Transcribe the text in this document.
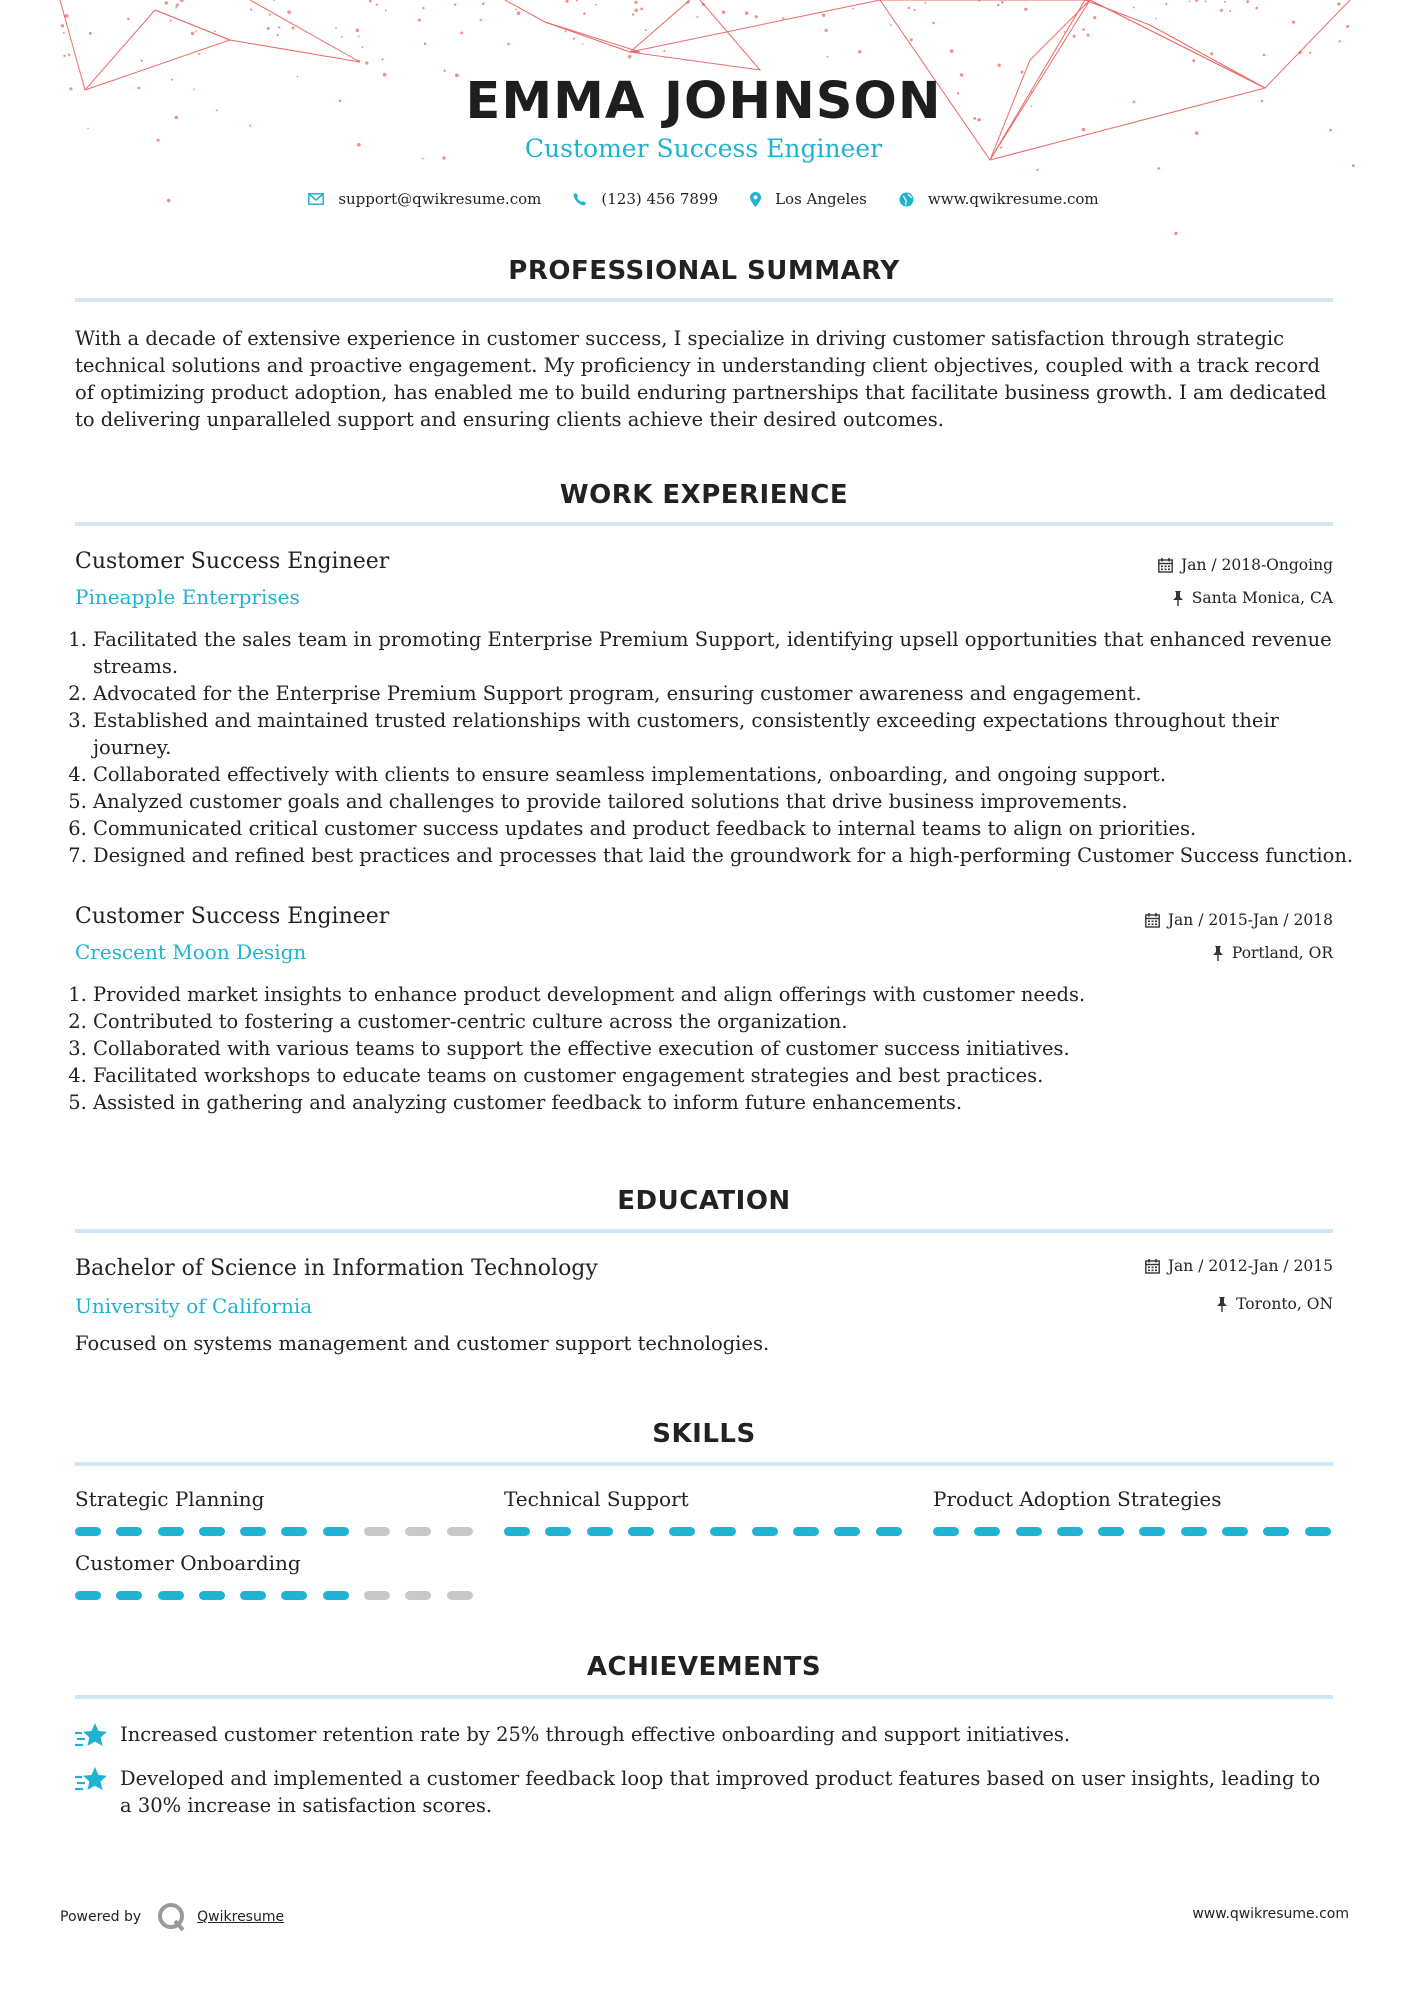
EMMA JOHNSON
Customer Success Engineer
support@qwikresume.com	(123) 456 7899	Los Angeles	www.qwikresume.com
PROFESSIONAL SUMMARY
With a decade of extensive experience in customer success, I specialize in driving customer satisfaction through strategic technical solutions and proactive engagement. My proficiency in understanding client objectives, coupled with a track record of optimizing product adoption, has enabled me to build enduring partnerships that facilitate business growth. I am dedicated to delivering unparalleled support and ensuring clients achieve their desired outcomes.
WORK EXPERIENCE
Customer Success Engineer	Jan / 2018-Ongoing
Pineapple Enterprises	Santa Monica, CA
1. Facilitated the sales team in promoting Enterprise Premium Support, identifying upsell opportunities that enhanced revenue streams.
2. Advocated for the Enterprise Premium Support program, ensuring customer awareness and engagement.
3. Established and maintained trusted relationships with customers, consistently exceeding expectations throughout their journey.
4. Collaborated effectively with clients to ensure seamless implementations, onboarding, and ongoing support.
5. Analyzed customer goals and challenges to provide tailored solutions that drive business improvements.
6. Communicated critical customer success updates and product feedback to internal teams to align on priorities.
7. Designed and refined best practices and processes that laid the groundwork for a high-performing Customer Success function.
Customer Success Engineer	Jan / 2015-Jan / 2018
Crescent Moon Design	Portland, OR
1. Provided market insights to enhance product development and align offerings with customer needs.
2. Contributed to fostering a customer-centric culture across the organization.
3. Collaborated with various teams to support the effective execution of customer success initiatives.
4. Facilitated workshops to educate teams on customer engagement strategies and best practices.
5. Assisted in gathering and analyzing customer feedback to inform future enhancements.
EDUCATION
Bachelor of Science in Information Technology	Jan / 2012-Jan / 2015
University of California	Toronto, ON
Focused on systems management and customer support technologies.
SKILLS
Strategic Planning	Technical Support	Product Adoption Strategies
Customer Onboarding
ACHIEVEMENTS
Increased customer retention rate by 25% through effective onboarding and support initiatives.
Developed and implemented a customer feedback loop that improved product features based on user insights, leading to a 30% increase in satisfaction scores.
Powered by	Qwikresume	www.qwikresume.com
